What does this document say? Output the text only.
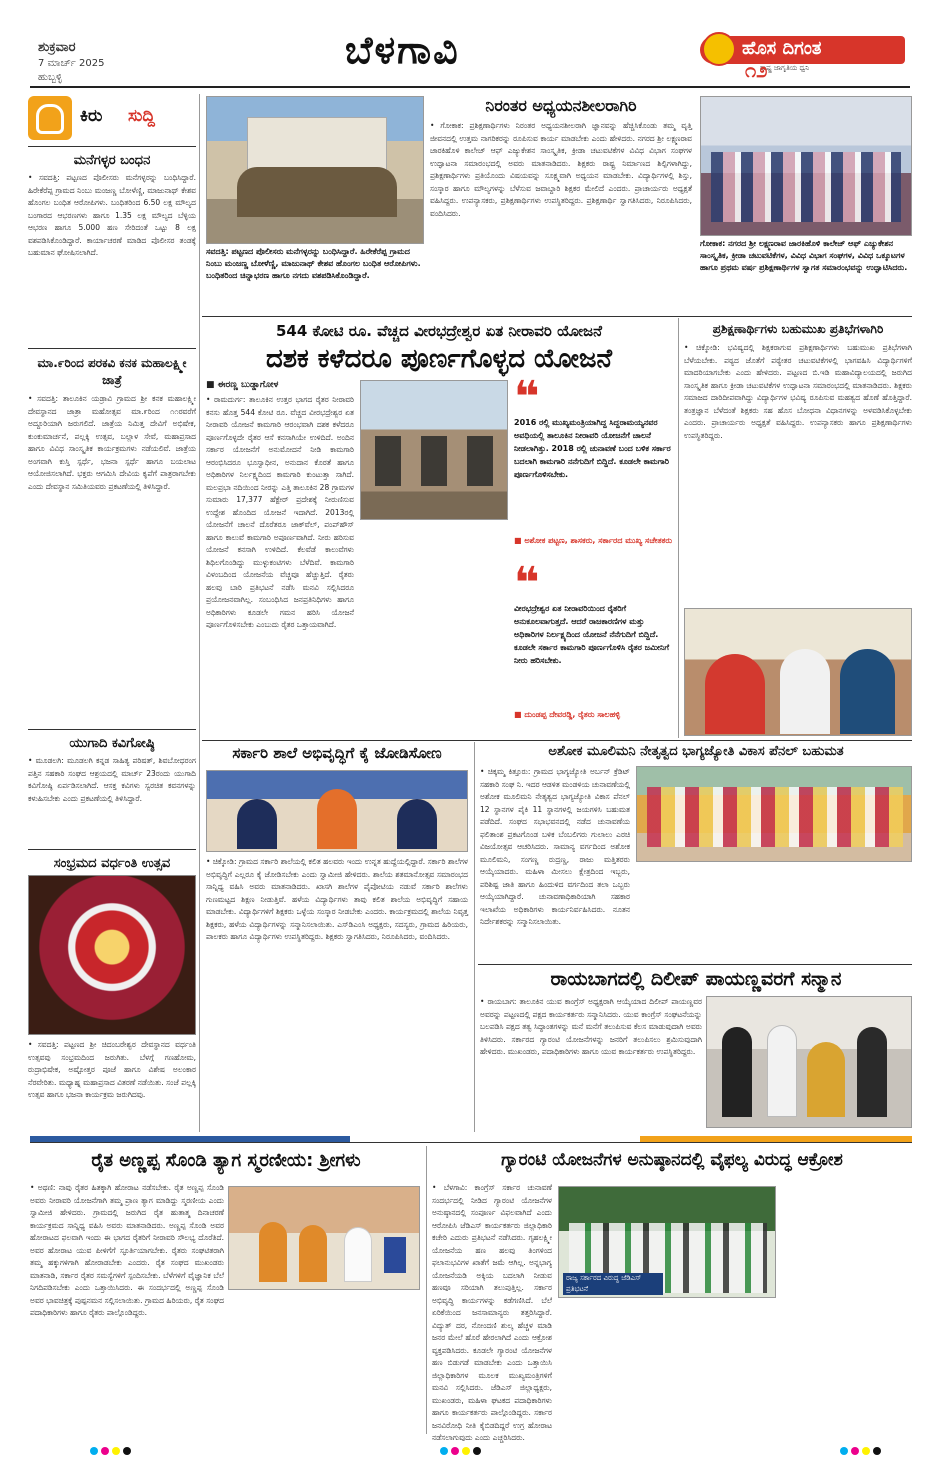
ಶುಕ್ರವಾರ
7 ಮಾರ್ಚ್ 2025
ಹುಬ್ಬಳ್ಳಿ
ಬೆಳಗಾವಿ	ಹೊಸ ದಿಗಂತ
ರಾಷ್ಟ್ರ ಜಾಗೃತಿಯ ಧ್ವನಿ
೧೨
ಕಿರು ಸುದ್ದಿ
ಮನೆಗಳ್ಳರ ಬಂಧನ
• ಸವದತ್ತಿ: ಪಟ್ಟಣದ ಪೊಲೀಸರು ಮನೆಗಳ್ಳರನ್ನು ಬಂಧಿಸಿದ್ದಾರೆ. ಹಿರೇಕೆರೆಪ್ಪ ಗ್ರಾಮದ ನಿಂಬು ಮಂಜಣ್ಣ ಬೋಳೆಣ್ಣಿ, ಮಾಜುನಾಥ್ ಕೇಶವ ಹೊಂಗಲ ಬಂಧಿತ ಆರೋಪಿಗಳು. ಬಂಧಿತರಿಂದ 6.50 ಲಕ್ಷ ಮೌಲ್ಯದ ಬಂಗಾರದ ಆಭರಣಗಳು ಹಾಗೂ 1.35 ಲಕ್ಷ ಮೌಲ್ಯದ ಬೆಳ್ಳಿಯ ಆಭರಣ ಹಾಗೂ 5.000 ಹಣ ಸೇರಿದಂತೆ ಒಟ್ಟು 8 ಲಕ್ಷ ವಶಪಡಿಸಿಕೊಂಡಿದ್ದಾರೆ. ಕಾರ್ಯಾಚರಣೆ ಮಾಡಿದ ಪೊಲೀಸರ ತಂಡಕ್ಕೆ ಬಹುಮಾನ ಘೋಷಿಸಲಾಗಿದೆ.
ಮಾ.೯ರಿಂದ ಪರಕವಿ ಕನಕ ಮಹಾಲಕ್ಷ್ಮೀ ಜಾತ್ರೆ
• ಸವದತ್ತಿ: ತಾಲೂಕಿನ ಯಡ್ರಾವಿ ಗ್ರಾಮದ ಶ್ರೀ ಕನಕ ಮಹಾಲಕ್ಷ್ಮೀ ದೇವಸ್ಥಾನದ ಜಾತ್ರಾ ಮಹೋತ್ಸವ ಮಾ.೯ರಿಂದ ೧೧ರವರೆಗೆ ಅದ್ದೂರಿಯಾಗಿ ಜರುಗಲಿದೆ. ಜಾತ್ರೆಯ ನಿಮಿತ್ತ ದೇವಿಗೆ ಅಭಿಷೇಕ, ಕುಂಕುಮಾರ್ಚನೆ, ಪಲ್ಲಕ್ಕಿ ಉತ್ಸವ, ಬಲ್ಲಾಳ ಸೇವೆ, ಮಹಾಪ್ರಸಾದ ಹಾಗೂ ವಿವಿಧ ಸಾಂಸ್ಕೃತಿಕ ಕಾರ್ಯಕ್ರಮಗಳು ನಡೆಯಲಿವೆ. ಜಾತ್ರೆಯ ಅಂಗವಾಗಿ ಕುಸ್ತಿ ಸ್ಪರ್ಧೆ, ಭಜನಾ ಸ್ಪರ್ಧೆ ಹಾಗೂ ಬಯಲಾಟ ಆಯೋಜಿಸಲಾಗಿದೆ. ಭಕ್ತರು ಆಗಮಿಸಿ ದೇವಿಯ ಕೃಪೆಗೆ ಪಾತ್ರರಾಗಬೇಕು ಎಂದು ದೇವಸ್ಥಾನ ಸಮಿತಿಯವರು ಪ್ರಕಟಣೆಯಲ್ಲಿ ತಿಳಿಸಿದ್ದಾರೆ.
ಯುಗಾದಿ ಕವಿಗೋಷ್ಠಿ
• ಮೂಡಲಗಿ: ಮೂಡಲಗಿ ಕನ್ನಡ ಸಾಹಿತ್ಯ ಪರಿಷತ್, ಶಿವಬೋಧರಂಗ ಪತ್ತಿನ ಸಹಕಾರಿ ಸಂಘದ ಆಶ್ರಯದಲ್ಲಿ ಮಾರ್ಚ್ 23ರಂದು ಯುಗಾದಿ ಕವಿಗೋಷ್ಠಿ ಏರ್ಪಡಿಸಲಾಗಿದೆ. ಆಸಕ್ತ ಕವಿಗಳು ಸ್ವರಚಿತ ಕವನಗಳನ್ನು ಕಳುಹಿಸಬೇಕು ಎಂದು ಪ್ರಕಟಣೆಯಲ್ಲಿ ತಿಳಿಸಿದ್ದಾರೆ.
ಸಂಭ್ರಮದ ವರ್ಧಂತಿ ಉತ್ಸವ
• ಸವದತ್ತಿ: ಪಟ್ಟಣದ ಶ್ರೀ ಚಿದಂಬರೇಶ್ವರ ದೇವಸ್ಥಾನದ ವರ್ಧಂತಿ ಉತ್ಸವವು ಸಂಭ್ರಮದಿಂದ ಜರುಗಿತು. ಬೆಳಗ್ಗೆ ಗಣಹೋಮ, ರುದ್ರಾಭಿಷೇಕ, ಅಷ್ಟೋತ್ತರ ಪೂಜೆ ಹಾಗೂ ವಿಶೇಷ ಅಲಂಕಾರ ನೆರವೇರಿತು. ಮಧ್ಯಾಹ್ನ ಮಹಾಪ್ರಸಾದ ವಿತರಣೆ ನಡೆಯಿತು. ಸಂಜೆ ಪಲ್ಲಕ್ಕಿ ಉತ್ಸವ ಹಾಗೂ ಭಜನಾ ಕಾರ್ಯಕ್ರಮ ಜರುಗಿದವು.
ಸವದತ್ತಿ: ಪಟ್ಟಣದ ಪೊಲೀಸರು ಮನೆಗಳ್ಳರನ್ನು ಬಂಧಿಸಿದ್ದಾರೆ. ಹಿರೇಕೆರೆಪ್ಪ ಗ್ರಾಮದ ನಿಂಬು ಮಂಜಣ್ಣ ಬೋಳೆಣ್ಣಿ, ಮಾಜುನಾಥ್ ಕೇಶವ ಹೊಂಗಲ ಬಂಧಿತ ಆರೋಪಿಗಳು. ಬಂಧಿತರಿಂದ ಚಿನ್ನಾಭರಣ ಹಾಗೂ ನಗದು ವಶಪಡಿಸಿಕೊಂಡಿದ್ದಾರೆ.
ನಿರಂತರ ಅಧ್ಯಯನಶೀಲರಾಗಿರಿ
• ಗೋಕಾಕ: ಪ್ರಶಿಕ್ಷಣಾರ್ಥಿಗಳು ನಿರಂತರ ಅಧ್ಯಯನಶೀಲರಾಗಿ ಜ್ಞಾನವನ್ನು ಹೆಚ್ಚಿಸಿಕೊಂಡು ತಮ್ಮ ವೃತ್ತಿ ಜೀವನದಲ್ಲಿ ಉತ್ತಮ ನಾಗರಿಕರನ್ನು ರೂಪಿಸುವ ಕಾರ್ಯ ಮಾಡಬೇಕು ಎಂದು ಹೇಳಿದರು. ನಗರದ ಶ್ರೀ ಲಕ್ಷ್ಮಣರಾವ ಜಾರಕಿಹೊಳಿ ಕಾಲೇಜ್ ಆಫ್ ಎಜ್ಯುಕೇಶನ ಸಾಂಸ್ಕೃತಿಕ, ಕ್ರೀಡಾ ಚಟುವಟಿಕೆಗಳ ವಿವಿಧ ವಿಭಾಗ ಸಂಘಗಳ ಉದ್ಘಾಟನಾ ಸಮಾರಂಭದಲ್ಲಿ ಅವರು ಮಾತನಾಡಿದರು. ಶಿಕ್ಷಕರು ರಾಷ್ಟ್ರ ನಿರ್ಮಾಣದ ಶಿಲ್ಪಿಗಳಾಗಿದ್ದು, ಪ್ರಶಿಕ್ಷಣಾರ್ಥಿಗಳು ಪ್ರತಿಯೊಂದು ವಿಷಯವನ್ನು ಸೂಕ್ಷ್ಮವಾಗಿ ಅಧ್ಯಯನ ಮಾಡಬೇಕು. ವಿದ್ಯಾರ್ಥಿಗಳಲ್ಲಿ ಶಿಸ್ತು, ಸಂಸ್ಕಾರ ಹಾಗೂ ಮೌಲ್ಯಗಳನ್ನು ಬೆಳೆಸುವ ಜವಾಬ್ದಾರಿ ಶಿಕ್ಷಕರ ಮೇಲಿದೆ ಎಂದರು. ಪ್ರಾಚಾರ್ಯರು ಅಧ್ಯಕ್ಷತೆ ವಹಿಸಿದ್ದರು. ಉಪನ್ಯಾಸಕರು, ಪ್ರಶಿಕ್ಷಣಾರ್ಥಿಗಳು ಉಪಸ್ಥಿತರಿದ್ದರು. ಪ್ರಶಿಕ್ಷಣಾರ್ಥಿ ಸ್ವಾಗತಿಸಿದರು, ನಿರೂಪಿಸಿದರು, ವಂದಿಸಿದರು.
ಗೋಕಾಕ: ನಗರದ ಶ್ರೀ ಲಕ್ಷ್ಮಣರಾವ ಜಾರಕಿಹೊಳಿ ಕಾಲೇಜ್ ಆಫ್ ಎಜ್ಯುಕೇಶನ ಸಾಂಸ್ಕೃತಿಕ, ಕ್ರೀಡಾ ಚಟುವಟಿಕೆಗಳ, ವಿವಿಧ ವಿಭಾಗ ಸಂಘಗಳ, ವಿವಿಧ ಒಕ್ಕೂಟಗಳ ಹಾಗೂ ಪ್ರಥಮ ವರ್ಷ ಪ್ರಶಿಕ್ಷಣಾರ್ಥಿಗಳ ಸ್ವಾಗತ ಸಮಾರಂಭವನ್ನು ಉದ್ಘಾಟಿಸಿದರು.
544 ಕೋಟಿ ರೂ. ವೆಚ್ಚದ ವೀರಭದ್ರೇಶ್ವರ ಏತ ನೀರಾವರಿ ಯೋಜನೆ
ದಶಕ ಕಳೆದರೂ ಪೂರ್ಣಗೊಳ್ಳದ ಯೋಜನೆ
■ ಈರಣ್ಣ ಬುಡ್ಡಾಗೋಳ
• ರಾಮದುರ್ಗ: ತಾಲೂಕಿನ ಉತ್ತರ ಭಾಗದ ರೈತರ ನೀರಾವರಿ ಕನಸು ಹೊತ್ತ 544 ಕೋಟಿ ರೂ. ವೆಚ್ಚದ ವೀರಭದ್ರೇಶ್ವರ ಏತ ನೀರಾವರಿ ಯೋಜನೆ ಕಾಮಗಾರಿ ಆರಂಭವಾಗಿ ದಶಕ ಕಳೆದರೂ ಪೂರ್ಣಗೊಳ್ಳದೇ ರೈತರ ಆಸೆ ಕನಸಾಗಿಯೇ ಉಳಿದಿದೆ. ಅಂದಿನ ಸರ್ಕಾರ ಯೋಜನೆಗೆ ಅನುಮೋದನೆ ನೀಡಿ ಕಾಮಗಾರಿ ಆರಂಭಿಸಿದರೂ ಭೂಸ್ವಾಧೀನ, ಅನುದಾನ ಕೊರತೆ ಹಾಗೂ ಅಧಿಕಾರಿಗಳ ನಿರ್ಲಕ್ಷ್ಯದಿಂದ ಕಾಮಗಾರಿ ಕುಂಟುತ್ತಾ ಸಾಗಿದೆ. ಮಲಪ್ರಭಾ ನದಿಯಿಂದ ನೀರನ್ನು ಎತ್ತಿ ತಾಲೂಕಿನ 28 ಗ್ರಾಮಗಳ ಸುಮಾರು 17,377 ಹೆಕ್ಟೇರ್ ಪ್ರದೇಶಕ್ಕೆ ನೀರುಣಿಸುವ ಉದ್ದೇಶ ಹೊಂದಿದ ಯೋಜನೆ ಇದಾಗಿದೆ. 2013ರಲ್ಲಿ ಯೋಜನೆಗೆ ಚಾಲನೆ ದೊರೆತರೂ ಜಾಕ್‌ವೆಲ್, ಪಂಪ್‌ಹೌಸ್ ಹಾಗೂ ಕಾಲುವೆ ಕಾಮಗಾರಿ ಅಪೂರ್ಣವಾಗಿದೆ. ನೀರು ಹರಿಸುವ ಯೋಜನೆ ಕನಸಾಗಿ ಉಳಿದಿದೆ. ಕೆಲವೆಡೆ ಕಾಲುವೆಗಳು ಶಿಥಿಲಗೊಂಡಿದ್ದು ಮುಳ್ಳುಕಂಟಿಗಳು ಬೆಳೆದಿವೆ. ಕಾಮಗಾರಿ ವಿಳಂಬದಿಂದ ಯೋಜನೆಯ ವೆಚ್ಚವೂ ಹೆಚ್ಚುತ್ತಿದೆ. ರೈತರು ಹಲವು ಬಾರಿ ಪ್ರತಿಭಟನೆ ನಡೆಸಿ ಮನವಿ ಸಲ್ಲಿಸಿದರೂ ಪ್ರಯೋಜನವಾಗಿಲ್ಲ. ಸಂಬಂಧಿಸಿದ ಜನಪ್ರತಿನಿಧಿಗಳು ಹಾಗೂ ಅಧಿಕಾರಿಗಳು ಕೂಡಲೇ ಗಮನ ಹರಿಸಿ ಯೋಜನೆ ಪೂರ್ಣಗೊಳಿಸಬೇಕು ಎಂಬುದು ರೈತರ ಒತ್ತಾಯವಾಗಿದೆ.
❝
2016 ರಲ್ಲಿ ಮುಖ್ಯಮಂತ್ರಿಯಾಗಿದ್ದ ಸಿದ್ದರಾಮಯ್ಯನವರ ಅವಧಿಯಲ್ಲಿ ತಾಲೂಕಿನ ನೀರಾವರಿ ಯೋಜನೆಗೆ ಚಾಲನೆ ನೀಡಲಾಗಿತ್ತು. 2018 ರಲ್ಲಿ ಚುನಾವಣೆ ಬಂದ ಬಳಿಕ ಸರ್ಕಾರ ಬದಲಾಗಿ ಕಾಮಗಾರಿ ನನೆಗುದಿಗೆ ಬಿದ್ದಿದೆ. ಕೂಡಲೇ ಕಾಮಗಾರಿ ಪೂರ್ಣಗೊಳಿಸಬೇಕು.
■ ಅಶೋಕ ಪಟ್ಟಣ, ಶಾಸಕರು, ಸರ್ಕಾರದ ಮುಖ್ಯ ಸಚೇತಕರು
❝
ವೀರಭದ್ರೇಶ್ವರ ಏತ ನೀರಾವರಿಯಿಂದ ರೈತರಿಗೆ ಅನುಕೂಲವಾಗುತ್ತದೆ. ಆದರೆ ರಾಜಕಾರಣಿಗಳ ಮತ್ತು ಅಧಿಕಾರಿಗಳ ನಿರ್ಲಕ್ಷ್ಯದಿಂದ ಯೋಜನೆ ನೆನೆಗುದಿಗೆ ಬಿದ್ದಿದೆ. ಕೂಡಲೇ ಸರ್ಕಾರ ಕಾಮಗಾರಿ ಪೂರ್ಣಗೊಳಿಸಿ ರೈತರ ಜಮೀನಿಗೆ ನೀರು ಹರಿಸಬೇಕು.
■ ದುಂಡಪ್ಪ ದೇವರಡ್ಡಿ, ರೈತರು ಸಾಲಹಳ್ಳಿ
ಪ್ರಶಿಕ್ಷಣಾರ್ಥಿಗಳು ಬಹುಮುಖ ಪ್ರತಿಭೆಗಳಾಗಿರಿ
• ಚಿಕ್ಕೋಡಿ: ಭವಿಷ್ಯದಲ್ಲಿ ಶಿಕ್ಷಕರಾಗುವ ಪ್ರಶಿಕ್ಷಣಾರ್ಥಿಗಳು ಬಹುಮುಖ ಪ್ರತಿಭೆಗಳಾಗಿ ಬೆಳೆಯಬೇಕು. ಪಠ್ಯದ ಜೊತೆಗೆ ಪಠ್ಯೇತರ ಚಟುವಟಿಕೆಗಳಲ್ಲಿ ಭಾಗವಹಿಸಿ ವಿದ್ಯಾರ್ಥಿಗಳಿಗೆ ಮಾದರಿಯಾಗಬೇಕು ಎಂದು ಹೇಳಿದರು. ಪಟ್ಟಣದ ಬಿ.ಇಡಿ ಮಹಾವಿದ್ಯಾಲಯದಲ್ಲಿ ಜರುಗಿದ ಸಾಂಸ್ಕೃತಿಕ ಹಾಗೂ ಕ್ರೀಡಾ ಚಟುವಟಿಕೆಗಳ ಉದ್ಘಾಟನಾ ಸಮಾರಂಭದಲ್ಲಿ ಮಾತನಾಡಿದರು. ಶಿಕ್ಷಕರು ಸಮಾಜದ ದಾರಿದೀಪವಾಗಿದ್ದು ವಿದ್ಯಾರ್ಥಿಗಳ ಭವಿಷ್ಯ ರೂಪಿಸುವ ಮಹತ್ವದ ಹೊಣೆ ಹೊತ್ತಿದ್ದಾರೆ. ತಂತ್ರಜ್ಞಾನ ಬೆಳೆದಂತೆ ಶಿಕ್ಷಕರು ಸಹ ಹೊಸ ಬೋಧನಾ ವಿಧಾನಗಳನ್ನು ಅಳವಡಿಸಿಕೊಳ್ಳಬೇಕು ಎಂದರು. ಪ್ರಾಚಾರ್ಯರು ಅಧ್ಯಕ್ಷತೆ ವಹಿಸಿದ್ದರು. ಉಪನ್ಯಾಸಕರು ಹಾಗೂ ಪ್ರಶಿಕ್ಷಣಾರ್ಥಿಗಳು ಉಪಸ್ಥಿತರಿದ್ದರು.
ಸರ್ಕಾರಿ ಶಾಲೆ ಅಭಿವೃದ್ಧಿಗೆ ಕೈ ಜೋಡಿಸೋಣ
• ಚಿಕ್ಕೋಡಿ: ಗ್ರಾಮದ ಸರ್ಕಾರಿ ಶಾಲೆಯಲ್ಲಿ ಕಲಿತ ಹಲವರು ಇಂದು ಉನ್ನತ ಹುದ್ದೆಯಲ್ಲಿದ್ದಾರೆ. ಸರ್ಕಾರಿ ಶಾಲೆಗಳ ಅಭಿವೃದ್ಧಿಗೆ ಎಲ್ಲರೂ ಕೈ ಜೋಡಿಸಬೇಕು ಎಂದು ಸ್ವಾಮೀಜಿ ಹೇಳಿದರು. ಶಾಲೆಯ ಶತಮಾನೋತ್ಸವ ಸಮಾರಂಭದ ಸಾನ್ನಿಧ್ಯ ವಹಿಸಿ ಅವರು ಮಾತನಾಡಿದರು. ಖಾಸಗಿ ಶಾಲೆಗಳ ಪೈಪೋಟಿಯ ನಡುವೆ ಸರ್ಕಾರಿ ಶಾಲೆಗಳು ಗುಣಮಟ್ಟದ ಶಿಕ್ಷಣ ನೀಡುತ್ತಿವೆ. ಹಳೆಯ ವಿದ್ಯಾರ್ಥಿಗಳು ತಾವು ಕಲಿತ ಶಾಲೆಯ ಅಭಿವೃದ್ಧಿಗೆ ಸಹಾಯ ಮಾಡಬೇಕು. ವಿದ್ಯಾರ್ಥಿಗಳಿಗೆ ಶಿಕ್ಷಕರು ಒಳ್ಳೆಯ ಸಂಸ್ಕಾರ ನೀಡಬೇಕು ಎಂದರು. ಕಾರ್ಯಕ್ರಮದಲ್ಲಿ ಶಾಲೆಯ ನಿವೃತ್ತ ಶಿಕ್ಷಕರು, ಹಳೆಯ ವಿದ್ಯಾರ್ಥಿಗಳನ್ನು ಸನ್ಮಾನಿಸಲಾಯಿತು. ಎಸ್‌ಡಿಎಂಸಿ ಅಧ್ಯಕ್ಷರು, ಸದಸ್ಯರು, ಗ್ರಾಮದ ಹಿರಿಯರು, ಪಾಲಕರು ಹಾಗೂ ವಿದ್ಯಾರ್ಥಿಗಳು ಉಪಸ್ಥಿತರಿದ್ದರು. ಶಿಕ್ಷಕರು ಸ್ವಾಗತಿಸಿದರು, ನಿರೂಪಿಸಿದರು, ವಂದಿಸಿದರು.
ಅಶೋಕ ಮೂಲಿಮನಿ ನೇತೃತ್ವದ ಭಾಗ್ಯಜ್ಯೋತಿ ವಿಕಾಸ ಪೆನಲ್ ಬಹುಮತ
• ಚಿಕ್ಕಮ್ಮ ಕಿತ್ತೂರು: ಗ್ರಾಮದ ಭಾಗ್ಯಜ್ಯೋತಿ ಅರ್ಬನ್ ಕ್ರೆಡಿಟ್ ಸಹಕಾರಿ ಸಂಘ ನಿ. ಇದರ ಆಡಳಿತ ಮಂಡಳಿಯ ಚುನಾವಣೆಯಲ್ಲಿ ಅಶೋಕ ಮೂಲಿಮನಿ ನೇತೃತ್ವದ ಭಾಗ್ಯಜ್ಯೋತಿ ವಿಕಾಸ ಪೆನಲ್ 12 ಸ್ಥಾನಗಳ ಪೈಕಿ 11 ಸ್ಥಾನಗಳಲ್ಲಿ ಜಯಗಳಿಸಿ ಬಹುಮತ ಪಡೆದಿದೆ. ಸಂಘದ ಸಭಾಭವನದಲ್ಲಿ ನಡೆದ ಚುನಾವಣೆಯ ಫಲಿತಾಂಶ ಪ್ರಕಟಗೊಂಡ ಬಳಿಕ ಬೆಂಬಲಿಗರು ಗುಲಾಲು ಎರಚಿ ವಿಜಯೋತ್ಸವ ಆಚರಿಸಿದರು. ಸಾಮಾನ್ಯ ವರ್ಗದಿಂದ ಅಶೋಕ ಮೂಲಿಮನಿ, ಸಂಗಣ್ಣ ರುದ್ರಣ್ಣ, ರಾಜು ಮತ್ತಿತರರು ಆಯ್ಕೆಯಾದರು. ಮಹಿಳಾ ಮೀಸಲು ಕ್ಷೇತ್ರದಿಂದ ಇಬ್ಬರು, ಪರಿಶಿಷ್ಟ ಜಾತಿ ಹಾಗೂ ಹಿಂದುಳಿದ ವರ್ಗದಿಂದ ತಲಾ ಒಬ್ಬರು ಆಯ್ಕೆಯಾಗಿದ್ದಾರೆ. ಚುನಾವಣಾಧಿಕಾರಿಯಾಗಿ ಸಹಕಾರ ಇಲಾಖೆಯ ಅಧಿಕಾರಿಗಳು ಕಾರ್ಯನಿರ್ವಹಿಸಿದರು. ನೂತನ ನಿರ್ದೇಶಕರನ್ನು ಸನ್ಮಾನಿಸಲಾಯಿತು.
ರಾಯಬಾಗದಲ್ಲಿ ದಿಲೀಪ್ ಪಾಯಣ್ಣವರಗೆ ಸನ್ಮಾನ
• ರಾಯಬಾಗ: ತಾಲೂಕಿನ ಯುವ ಕಾಂಗ್ರೆಸ್ ಅಧ್ಯಕ್ಷರಾಗಿ ಆಯ್ಕೆಯಾದ ದಿಲೀಪ್ ಪಾಯಣ್ಣವರ ಅವರನ್ನು ಪಟ್ಟಣದಲ್ಲಿ ಪಕ್ಷದ ಕಾರ್ಯಕರ್ತರು ಸನ್ಮಾನಿಸಿದರು. ಯುವ ಕಾಂಗ್ರೆಸ್ ಸಂಘಟನೆಯನ್ನು ಬಲಪಡಿಸಿ ಪಕ್ಷದ ತತ್ವ ಸಿದ್ಧಾಂತಗಳನ್ನು ಮನೆ ಮನೆಗೆ ತಲುಪಿಸುವ ಕೆಲಸ ಮಾಡುವುದಾಗಿ ಅವರು ತಿಳಿಸಿದರು. ಸರ್ಕಾರದ ಗ್ಯಾರಂಟಿ ಯೋಜನೆಗಳನ್ನು ಜನರಿಗೆ ತಲುಪಿಸಲು ಶ್ರಮಿಸುವುದಾಗಿ ಹೇಳಿದರು. ಮುಖಂಡರು, ಪದಾಧಿಕಾರಿಗಳು ಹಾಗೂ ಯುವ ಕಾರ್ಯಕರ್ತರು ಉಪಸ್ಥಿತರಿದ್ದರು.
ರೈತ ಅಣ್ಣಪ್ಪ ಸೊಂಡಿ ತ್ಯಾಗ ಸ್ಮರಣೀಯ: ಶ್ರೀಗಳು
• ಅಥಣಿ: ನಾವು ರೈತರ ಹಿತಕ್ಕಾಗಿ ಹೋರಾಟ ನಡೆಸಬೇಕು. ರೈತ ಅಣ್ಣಪ್ಪ ಸೊಂಡಿ ಅವರು ನೀರಾವರಿ ಯೋಜನೆಗಾಗಿ ತಮ್ಮ ಪ್ರಾಣ ತ್ಯಾಗ ಮಾಡಿದ್ದು ಸ್ಮರಣೀಯ ಎಂದು ಸ್ವಾಮೀಜಿ ಹೇಳಿದರು. ಗ್ರಾಮದಲ್ಲಿ ಜರುಗಿದ ರೈತ ಹುತಾತ್ಮ ದಿನಾಚರಣೆ ಕಾರ್ಯಕ್ರಮದ ಸಾನ್ನಿಧ್ಯ ವಹಿಸಿ ಅವರು ಮಾತನಾಡಿದರು. ಅಣ್ಣಪ್ಪ ಸೊಂಡಿ ಅವರ ಹೋರಾಟದ ಫಲವಾಗಿ ಇಂದು ಈ ಭಾಗದ ರೈತರಿಗೆ ನೀರಾವರಿ ಸೌಲಭ್ಯ ದೊರೆತಿದೆ. ಅವರ ಹೋರಾಟ ಯುವ ಪೀಳಿಗೆಗೆ ಸ್ಫೂರ್ತಿಯಾಗಬೇಕು. ರೈತರು ಸಂಘಟಿತರಾಗಿ ತಮ್ಮ ಹಕ್ಕುಗಳಿಗಾಗಿ ಹೋರಾಡಬೇಕು ಎಂದರು. ರೈತ ಸಂಘದ ಮುಖಂಡರು ಮಾತನಾಡಿ, ಸರ್ಕಾರ ರೈತರ ಸಮಸ್ಯೆಗಳಿಗೆ ಸ್ಪಂದಿಸಬೇಕು. ಬೆಳೆಗಳಿಗೆ ವೈಜ್ಞಾನಿಕ ಬೆಲೆ ನಿಗದಿಪಡಿಸಬೇಕು ಎಂದು ಒತ್ತಾಯಿಸಿದರು. ಈ ಸಂದರ್ಭದಲ್ಲಿ ಅಣ್ಣಪ್ಪ ಸೊಂಡಿ ಅವರ ಭಾವಚಿತ್ರಕ್ಕೆ ಪುಷ್ಪನಮನ ಸಲ್ಲಿಸಲಾಯಿತು. ಗ್ರಾಮದ ಹಿರಿಯರು, ರೈತ ಸಂಘದ ಪದಾಧಿಕಾರಿಗಳು ಹಾಗೂ ರೈತರು ಪಾಲ್ಗೊಂಡಿದ್ದರು.
ಗ್ಯಾರಂಟಿ ಯೋಜನೆಗಳ ಅನುಷ್ಠಾನದಲ್ಲಿ ವೈಫಲ್ಯ ವಿರುದ್ಧ ಆಕ್ರೋಶ
• ಬೆಳಗಾವಿ: ಕಾಂಗ್ರೆಸ್ ಸರ್ಕಾರ ಚುನಾವಣೆ ಸಂದರ್ಭದಲ್ಲಿ ನೀಡಿದ ಗ್ಯಾರಂಟಿ ಯೋಜನೆಗಳ ಅನುಷ್ಠಾನದಲ್ಲಿ ಸಂಪೂರ್ಣ ವಿಫಲವಾಗಿದೆ ಎಂದು ಆರೋಪಿಸಿ ಜೆಡಿಎಸ್ ಕಾರ್ಯಕರ್ತರು ಜಿಲ್ಲಾಧಿಕಾರಿ ಕಚೇರಿ ಎದುರು ಪ್ರತಿಭಟನೆ ನಡೆಸಿದರು. ಗೃಹಲಕ್ಷ್ಮೀ ಯೋಜನೆಯ ಹಣ ಹಲವು ತಿಂಗಳಿಂದ ಫಲಾನುಭವಿಗಳ ಖಾತೆಗೆ ಜಮೆ ಆಗಿಲ್ಲ. ಅನ್ನಭಾಗ್ಯ ಯೋಜನೆಯಡಿ ಅಕ್ಕಿಯ ಬದಲಾಗಿ ನೀಡುವ ಹಣವೂ ಸರಿಯಾಗಿ ತಲುಪುತ್ತಿಲ್ಲ. ಸರ್ಕಾರ ಅಭಿವೃದ್ಧಿ ಕಾರ್ಯಗಳನ್ನು ಕಡೆಗಣಿಸಿದೆ. ಬೆಲೆ ಏರಿಕೆಯಿಂದ ಜನಸಾಮಾನ್ಯರು ತತ್ತರಿಸಿದ್ದಾರೆ. ವಿದ್ಯುತ್ ದರ, ನೋಂದಣಿ ಶುಲ್ಕ ಹೆಚ್ಚಳ ಮಾಡಿ ಜನರ ಮೇಲೆ ಹೊರೆ ಹೇರಲಾಗಿದೆ ಎಂದು ಆಕ್ರೋಶ ವ್ಯಕ್ತಪಡಿಸಿದರು. ಕೂಡಲೇ ಗ್ಯಾರಂಟಿ ಯೋಜನೆಗಳ ಹಣ ಬಿಡುಗಡೆ ಮಾಡಬೇಕು ಎಂದು ಒತ್ತಾಯಿಸಿ ಜಿಲ್ಲಾಧಿಕಾರಿಗಳ ಮೂಲಕ ಮುಖ್ಯಮಂತ್ರಿಗಳಿಗೆ ಮನವಿ ಸಲ್ಲಿಸಿದರು. ಜೆಡಿಎಸ್ ಜಿಲ್ಲಾಧ್ಯಕ್ಷರು, ಮುಖಂಡರು, ಮಹಿಳಾ ಘಟಕದ ಪದಾಧಿಕಾರಿಗಳು ಹಾಗೂ ಕಾರ್ಯಕರ್ತರು ಪಾಲ್ಗೊಂಡಿದ್ದರು. ಸರ್ಕಾರ ಜನವಿರೋಧಿ ನೀತಿ ಕೈಬಿಡದಿದ್ದರೆ ಉಗ್ರ ಹೋರಾಟ ನಡೆಸಲಾಗುವುದು ಎಂದು ಎಚ್ಚರಿಸಿದರು.
ರಾಜ್ಯ ಸರ್ಕಾರದ ವಿರುದ್ಧ ಜೆಡಿಎಸ್ ಪ್ರತಿಭಟನೆ
